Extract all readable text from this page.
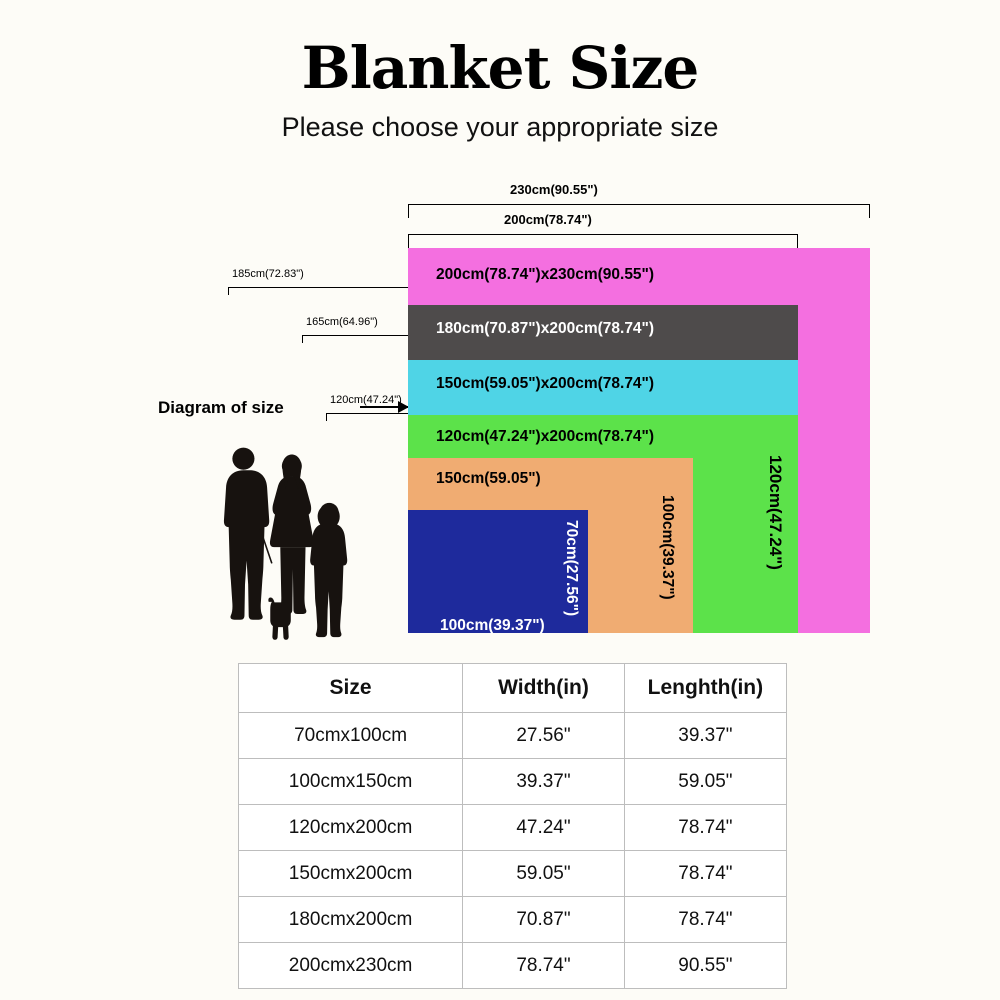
Blanket Size
Please choose your appropriate size
Diagram of size
230cm(90.55")
200cm(78.74")
185cm(72.83")
165cm(64.96")
120cm(47.24")
200cm(78.74")x230cm(90.55")
180cm(70.87")x200cm(78.74")
150cm(59.05")x200cm(78.74")
120cm(47.24")x200cm(78.74")
150cm(59.05")
100cm(39.37")
70cm(27.56")	100cm(39.37")	120cm(47.24")
Size	Width(in)	Lenghth(in)
70cmx100cm	27.56"	39.37"
100cmx150cm	39.37"	59.05"
120cmx200cm	47.24"	78.74"
150cmx200cm	59.05"	78.74"
180cmx200cm	70.87"	78.74"
200cmx230cm	78.74"	90.55"
